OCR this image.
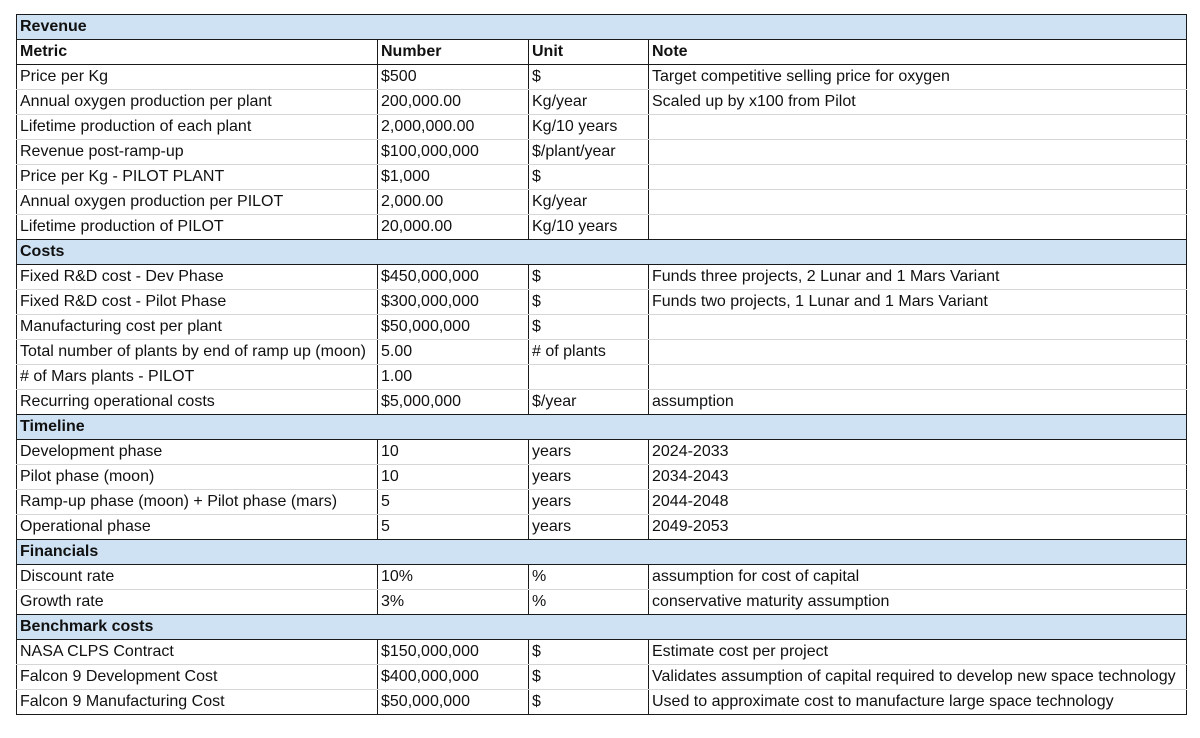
Revenue			
Metric	Number	Unit	Note
Price per Kg	$500	$	Target competitive selling price for oxygen
Annual oxygen production per plant	200,000.00	Kg/year	Scaled up by x100 from Pilot
Lifetime production of each plant	2,000,000.00	Kg/10 years	
Revenue post-ramp-up	$100,000,000	$/plant/year	
Price per Kg - PILOT PLANT	$1,000	$	
Annual oxygen production per PILOT	2,000.00	Kg/year	
Lifetime production of PILOT	20,000.00	Kg/10 years	
Costs			
Fixed R&D cost - Dev Phase	$450,000,000	$	Funds three projects, 2 Lunar and 1 Mars Variant
Fixed R&D cost - Pilot Phase	$300,000,000	$	Funds two projects, 1 Lunar and 1 Mars Variant
Manufacturing cost per plant	$50,000,000	$	
Total number of plants by end of ramp up (moon)	5.00	# of plants	
# of Mars plants - PILOT	1.00		
Recurring operational costs	$5,000,000	$/year	assumption
Timeline			
Development phase	10	years	2024-2033
Pilot phase (moon)	10	years	2034-2043
Ramp-up phase (moon) + Pilot phase (mars)	5	years	2044-2048
Operational phase	5	years	2049-2053
Financials			
Discount rate	10%	%	assumption for cost of capital
Growth rate	3%	%	conservative maturity assumption
Benchmark costs			
NASA CLPS Contract	$150,000,000	$	Estimate cost per project
Falcon 9 Development Cost	$400,000,000	$	Validates assumption of capital required to develop new space technology
Falcon 9 Manufacturing Cost	$50,000,000	$	Used to approximate cost to manufacture large space technology
